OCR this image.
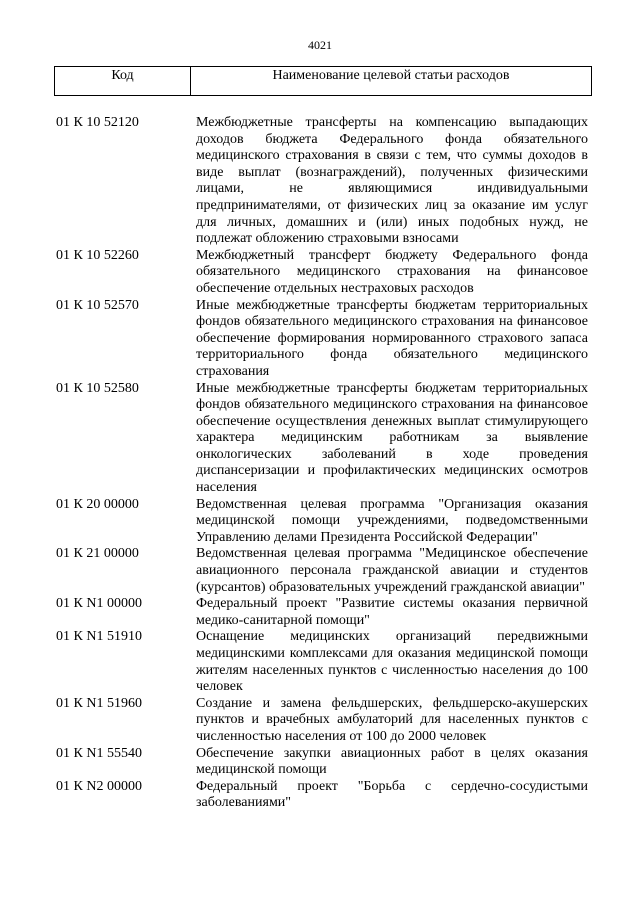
4021
Код	Наименование целевой статьи расходов
01 К 10 52120	Межбюджетные трансферты на компенсацию выпадающих доходов бюджета Федерального фонда обязательного медицинского страхования в связи с тем, что суммы доходов в виде выплат (вознаграждений), полученных физическими лицами, не являющимися индивидуальными предпринимателями, от физических лиц за оказание им услуг для личных, домашних и (или) иных подобных нужд, не подлежат обложению страховыми взносами
01 К 10 52260	Межбюджетный трансферт бюджету Федерального фонда обязательного медицинского страхования на финансовое обеспечение отдельных нестраховых расходов
01 К 10 52570	Иные межбюджетные трансферты бюджетам территориальных фондов обязательного медицинского страхования на финансовое обеспечение формирования нормированного страхового запаса территориального фонда обязательного медицинского страхования
01 К 10 52580	Иные межбюджетные трансферты бюджетам территориальных фондов обязательного медицинского страхования на финансовое обеспечение осуществления денежных выплат стимулирующего характера медицинским работникам за выявление онкологических заболеваний в ходе проведения диспансеризации и профилактических медицинских осмотров населения
01 К 20 00000	Ведомственная целевая программа "Организация оказания медицинской помощи учреждениями, подведомственными Управлению делами Президента Российской Федерации"
01 К 21 00000	Ведомственная целевая программа "Медицинское обеспечение авиационного персонала гражданской авиации и студентов (курсантов) образовательных учреждений гражданской авиации"
01 К N1 00000	Федеральный проект "Развитие системы оказания первичной медико-санитарной помощи"
01 К N1 51910	Оснащение медицинских организаций передвижными медицинскими комплексами для оказания медицинской помощи жителям населенных пунктов с численностью населения до 100 человек
01 К N1 51960	Создание и замена фельдшерских, фельдшерско-акушерских пунктов и врачебных амбулаторий для населенных пунктов с численностью населения от 100 до 2000 человек
01 К N1 55540	Обеспечение закупки авиационных работ в целях оказания медицинской помощи
01 К N2 00000	Федеральный проект "Борьба с сердечно-сосудистыми заболеваниями"
